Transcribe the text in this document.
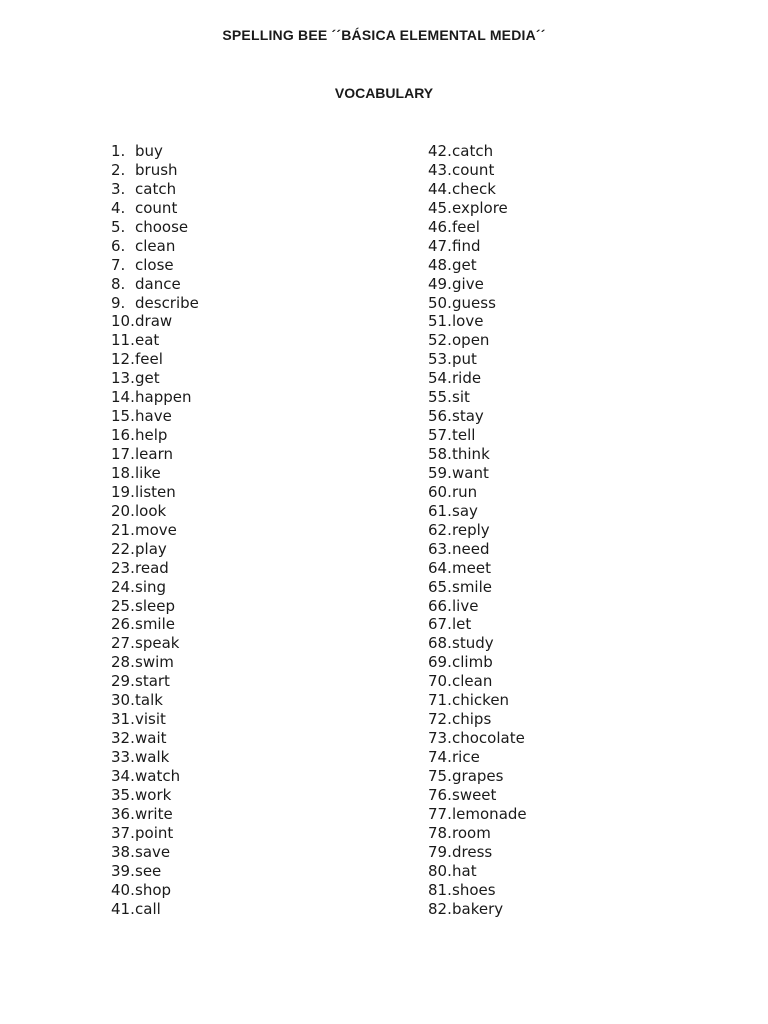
SPELLING BEE ´´BÁSICA ELEMENTAL MEDIA´´
VOCABULARY
1. buy
2. brush
3. catch
4. count
5. choose
6. clean
7. close
8. dance
9. describe
10. draw
11. eat
12. feel
13. get
14. happen
15. have
16. help
17. learn
18. like
19. listen
20. look
21. move
22. play
23. read
24. sing
25. sleep
26. smile
27. speak
28. swim
29. start
30. talk
31. visit
32. wait
33. walk
34. watch
35. work
36. write
37. point
38. save
39. see
40. shop
41. call
42. catch
43. count
44. check
45. explore
46. feel
47. find
48. get
49. give
50. guess
51. love
52. open
53. put
54. ride
55. sit
56. stay
57. tell
58. think
59. want
60. run
61. say
62. reply
63. need
64. meet
65. smile
66. live
67. let
68. study
69. climb
70. clean
71. chicken
72. chips
73. chocolate
74. rice
75. grapes
76. sweet
77. lemonade
78. room
79. dress
80. hat
81. shoes
82. bakery
